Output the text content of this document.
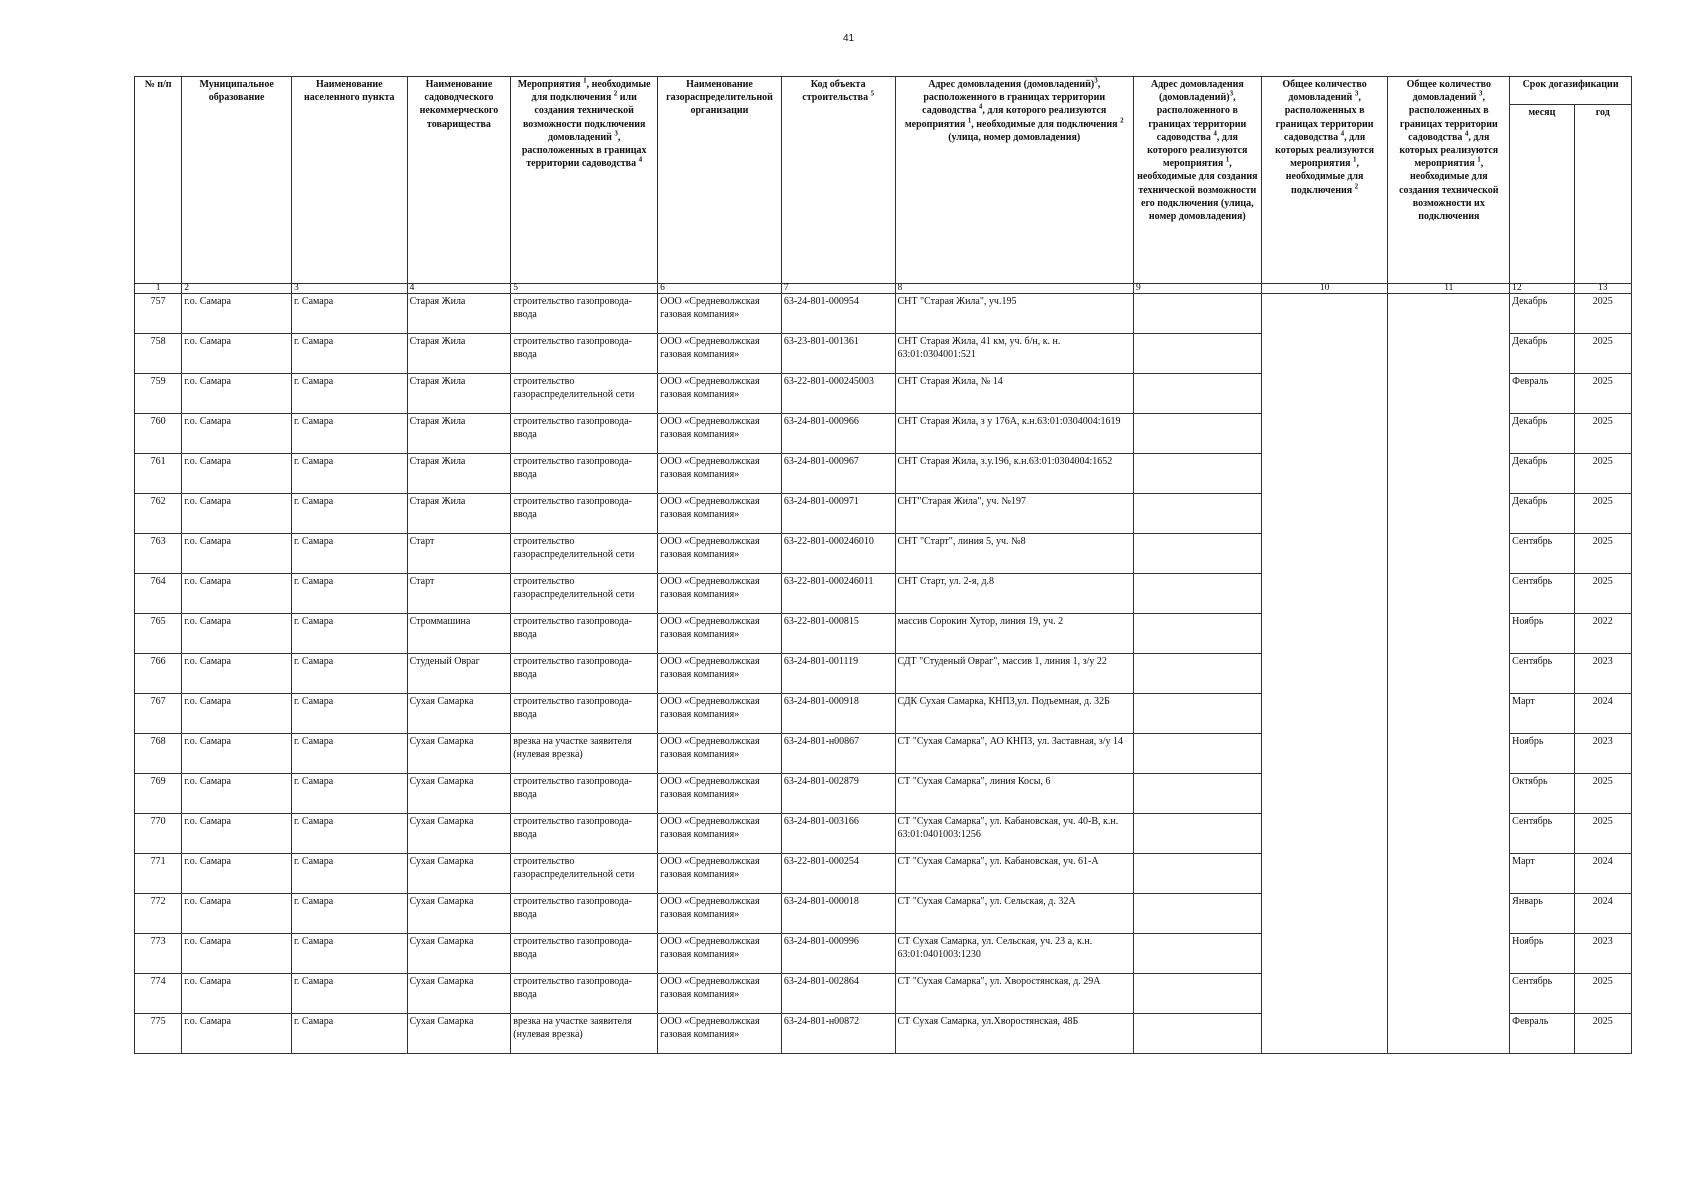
41
№ п/п	Муниципальное образование	Наименование населенного пункта	Наименование садоводческого некоммерческого товарищества	Мероприятия $^1$, необходимые для подключения $^2$ или создания технической возможности подключения домовладений $^3$, расположенных в границах территории садоводства $^4$	Наименование газораспределительной организации	Код объекта строительства $^5$	Адрес домовладения (домовладений)$^3$, расположенного в границах территории садоводства $^4$, для которого реализуются мероприятия $^1$, необходимые для подключения $^2$ (улица, номер домовладения)	Адрес домовладения (домовладений)$^3$, расположенного в границах территории садоводства $^4$, для которого реализуются мероприятия $^1$, необходимые для создания технической возможности его подключения (улица, номер домовладения)	Общее количество домовладений $^3$, расположенных в границах территории садоводства $^4$, для которых реализуются мероприятия $^1$, необходимые для подключения $^2$	Общее количество домовладений $^3$, расположенных в границах территории садоводства $^4$, для которых реализуются мероприятия $^1$, необходимые для создания технической возможности их подключения	Срок догазификации	
											месяц	год
1	2	3	4	5	6	7	8	9	10	11	12	13
757	г.о. Самара	г. Самара	Старая Жила	строительство газопровода-ввода	ООО «Средневолжская газовая компания»	63-24-801-000954	СНТ "Старая Жила", уч.195				Декабрь	2025
758	г.о. Самара	г. Самара	Старая Жила	строительство газопровода-ввода	ООО «Средневолжская газовая компания»	63-23-801-001361	СНТ Старая Жила, 41 км, уч. б/н, к. н. 63:01:0304001:521				Декабрь	2025
759	г.о. Самара	г. Самара	Старая Жила	строительство газораспределительной сети	ООО «Средневолжская газовая компания»	63-22-801-000245003	СНТ Старая Жила, № 14				Февраль	2025
760	г.о. Самара	г. Самара	Старая Жила	строительство газопровода-ввода	ООО «Средневолжская газовая компания»	63-24-801-000966	СНТ Старая Жила, з у 176А, к.н.63:01:0304004:1619				Декабрь	2025
761	г.о. Самара	г. Самара	Старая Жила	строительство газопровода-ввода	ООО «Средневолжская газовая компания»	63-24-801-000967	СНТ Старая Жила, з.у.196, к.н.63:01:0304004:1652				Декабрь	2025
762	г.о. Самара	г. Самара	Старая Жила	строительство газопровода-ввода	ООО «Средневолжская газовая компания»	63-24-801-000971	СНТ"Старая Жила", уч. №197				Декабрь	2025
763	г.о. Самара	г. Самара	Старт	строительство газораспределительной сети	ООО «Средневолжская газовая компания»	63-22-801-000246010	СНТ "Старт", линия 5, уч. №8				Сентябрь	2025
764	г.о. Самара	г. Самара	Старт	строительство газораспределительной сети	ООО «Средневолжская газовая компания»	63-22-801-000246011	СНТ Старт, ул. 2-я, д.8				Сентябрь	2025
765	г.о. Самара	г. Самара	Строммашина	строительство газопровода-ввода	ООО «Средневолжская газовая компания»	63-22-801-000815	массив Сорокин Хутор, линия 19, уч. 2				Ноябрь	2022
766	г.о. Самара	г. Самара	Студеный Овраг	строительство газопровода-ввода	ООО «Средневолжская газовая компания»	63-24-801-001119	СДТ "Студеный Овраг", массив 1, линия 1, з/у 22				Сентябрь	2023
767	г.о. Самара	г. Самара	Сухая Самарка	строительство газопровода-ввода	ООО «Средневолжская газовая компания»	63-24-801-000918	СДК Сухая Самарка, КНПЗ,ул. Подъемная, д. 32Б				Март	2024
768	г.о. Самара	г. Самара	Сухая Самарка	врезка на участке заявителя (нулевая врезка)	ООО «Средневолжская газовая компания»	63-24-801-н00867	СТ "Сухая Самарка", АО КНПЗ, ул. Заставная, з/у 14				Ноябрь	2023
769	г.о. Самара	г. Самара	Сухая Самарка	строительство газопровода-ввода	ООО «Средневолжская газовая компания»	63-24-801-002879	СТ "Сухая Самарка", линия Косы, 6				Октябрь	2025
770	г.о. Самара	г. Самара	Сухая Самарка	строительство газопровода-ввода	ООО «Средневолжская газовая компания»	63-24-801-003166	СТ "Сухая Самарка", ул. Кабановская, уч. 40-В, к.н. 63:01:0401003:1256				Сентябрь	2025
771	г.о. Самара	г. Самара	Сухая Самарка	строительство газораспределительной сети	ООО «Средневолжская газовая компания»	63-22-801-000254	СТ "Сухая Самарка", ул. Кабановская, уч. 61-А				Март	2024
772	г.о. Самара	г. Самара	Сухая Самарка	строительство газопровода-ввода	ООО «Средневолжская газовая компания»	63-24-801-000018	СТ "Сухая Самарка", ул. Сельская, д. 32А				Январь	2024
773	г.о. Самара	г. Самара	Сухая Самарка	строительство газопровода-ввода	ООО «Средневолжская газовая компания»	63-24-801-000996	СТ Сухая Самарка, ул. Сельская, уч. 23 а, к.н. 63:01:0401003:1230				Ноябрь	2023
774	г.о. Самара	г. Самара	Сухая Самарка	строительство газопровода-ввода	ООО «Средневолжская газовая компания»	63-24-801-002864	СТ "Сухая Самарка", ул. Хворостянская, д. 29А				Сентябрь	2025
775	г.о. Самара	г. Самара	Сухая Самарка	врезка на участке заявителя (нулевая врезка)	ООО «Средневолжская газовая компания»	63-24-801-н00872	СТ Сухая Самарка, ул.Хворостянская, 48Б				Февраль	2025
